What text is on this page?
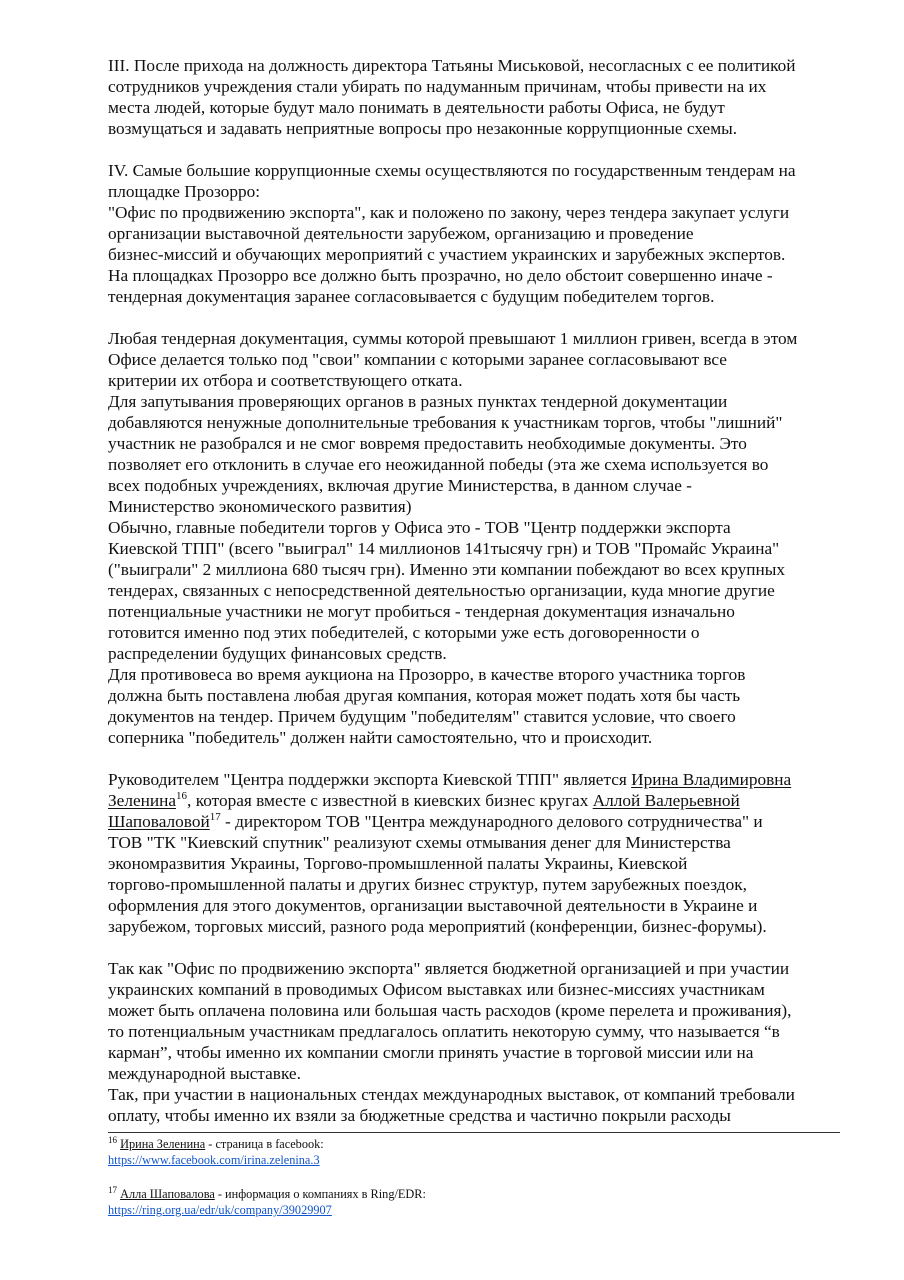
III. После прихода на должность директора Татьяны Миськовой, несогласных с ее политикой
сотрудников учреждения стали убирать по надуманным причинам, чтобы привести на их
места людей, которые будут мало понимать в деятельности работы Офиса, не будут
возмущаться и задавать неприятные вопросы про незаконные коррупционные схемы.
IV. Самые большие коррупционные схемы осуществляются по государственным тендерам на
площадке Прозорро:
"Офис по продвижению экспорта", как и положено по закону, через тендера закупает услуги
организации выставочной деятельности зарубежом, организацию и проведение
бизнес-миссий и обучающих мероприятий с участием украинских и зарубежных экспертов.
На площадках Прозорро все должно быть прозрачно, но дело обстоит совершенно иначе -
тендерная документация заранее согласовывается с будущим победителем торгов.
Любая тендерная документация, суммы которой превышают 1 миллион гривен, всегда в этом
Офисе делается только под "свои" компании с которыми заранее согласовывают все
критерии их отбора и соответствующего отката.
Для запутывания проверяющих органов в разных пунктах тендерной документации
добавляются ненужные дополнительные требования к участникам торгов, чтобы "лишний"
участник не разобрался и не смог вовремя предоставить необходимые документы. Это
позволяет его отклонить в случае его неожиданной победы (эта же схема используется во
всех подобных учреждениях, включая другие Министерства, в данном случае -
Министерство экономического развития)
Обычно, главные победители торгов у Офиса это - ТОВ "Центр поддержки экспорта
Киевской ТПП" (всего "выиграл" 14 миллионов 141тысячу грн) и ТОВ "Промайс Украина"
("выиграли" 2 миллиона 680 тысяч грн). Именно эти компании побеждают во всех крупных
тендерах, связанных с непосредственной деятельностью организации, куда многие другие
потенциальные участники не могут пробиться - тендерная документация изначально
готовится именно под этих победителей, с которыми уже есть договоренности о
распределении будущих финансовых средств.
Для противовеса во время аукциона на Прозорро, в качестве второго участника торгов
должна быть поставлена любая другая компания, которая может подать хотя бы часть
документов на тендер. Причем будущим "победителям" ставится условие, что своего
соперника "победитель" должен найти самостоятельно, что и происходит.
Руководителем "Центра поддержки экспорта Киевской ТПП" является Ирина Владимировна
Зеленина$^{16}$, которая вместе с известной в киевских бизнес кругах Аллой Валерьевной
Шаповаловой$^{17}$ - директором ТОВ "Центра международного делового сотрудничества" и
ТОВ "ТК "Киевский спутник" реализуют схемы отмывания денег для Министерства
экономразвития Украины, Торгово-промышленной палаты Украины, Киевской
торгово-промышленной палаты и других бизнес структур, путем зарубежных поездок,
оформления для этого документов, организации выставочной деятельности в Украине и
зарубежом, торговых миссий, разного рода мероприятий (конференции, бизнес-форумы).
Так как "Офис по продвижению экспорта" является бюджетной организацией и при участии
украинских компаний в проводимых Офисом выставках или бизнес-миссиях участникам
может быть оплачена половина или большая часть расходов (кроме перелета и проживания),
то потенциальным участникам предлагалось оплатить некоторую сумму, что называется “в
карман”, чтобы именно их компании смогли принять участие в торговой миссии или на
международной выставке.
Так, при участии в национальных стендах международных выставок, от компаний требовали
оплату, чтобы именно их взяли за бюджетные средства и частично покрыли расходы
$^{16}$ Ирина Зеленина - страница в facebook:
https://www.facebook.com/irina.zelenina.3
$^{17}$ Алла Шаповалова - информация о компаниях в Ring/EDR:
https://ring.org.ua/edr/uk/company/39029907
